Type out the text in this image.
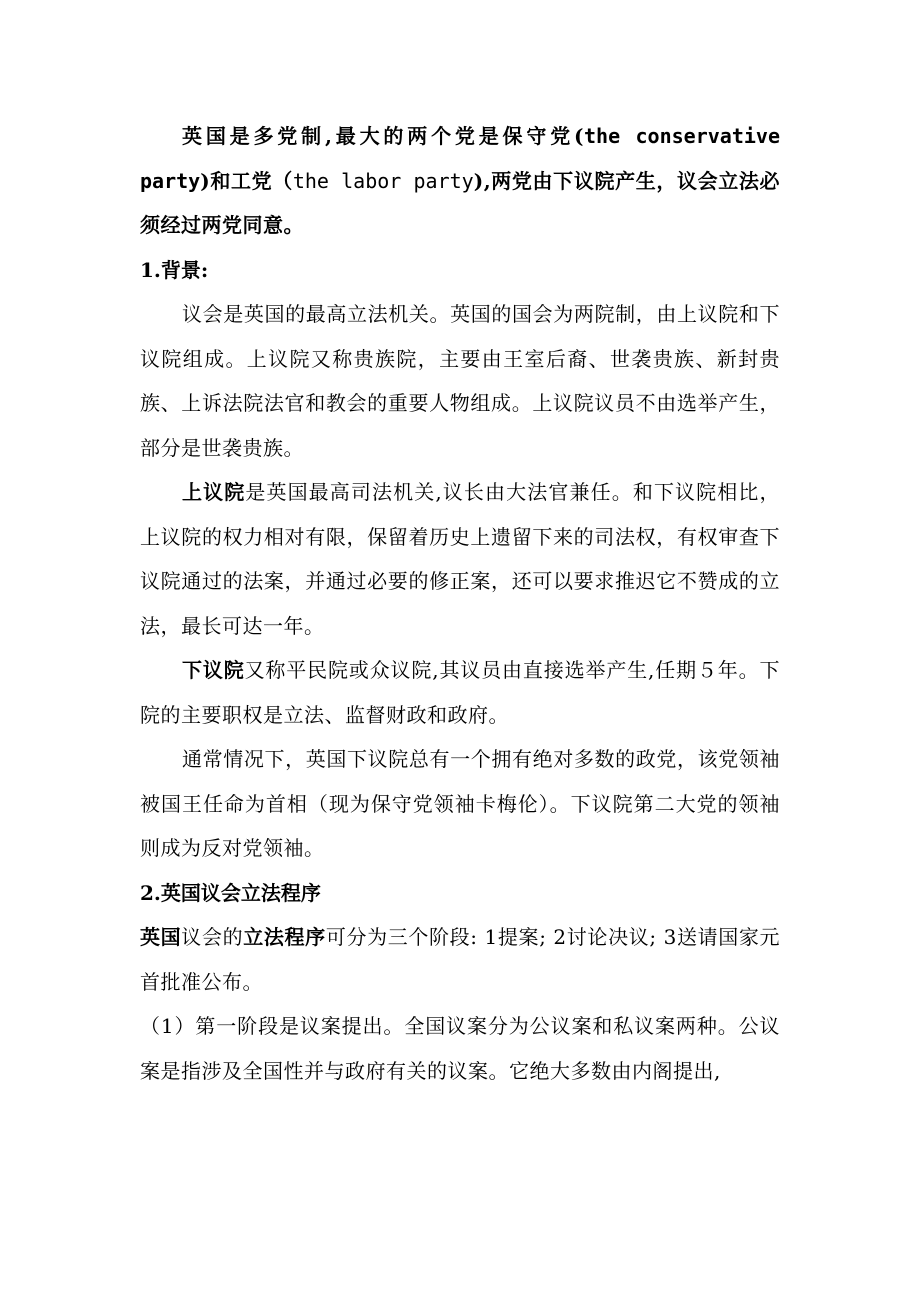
英国是多党制,最大的两个党是保守党(the conservative party)和工党（the labor party),两党由下议院产生，议会立法必须经过两党同意。

1.背景:

议会是英国的最高立法机关。英国的国会为两院制，由上议院和下议院组成。上议院又称贵族院，主要由王室后裔、世袭贵族、新封贵族、上诉法院法官和教会的重要人物组成。上议院议员不由选举产生，部分是世袭贵族。

上议院是英国最高司法机关,议长由大法官兼任。和下议院相比，上议院的权力相对有限，保留着历史上遗留下来的司法权，有权审查下议院通过的法案，并通过必要的修正案，还可以要求推迟它不赞成的立法，最长可达一年。

下议院又称平民院或众议院,其议员由直接选举产生,任期５年。下院的主要职权是立法、监督财政和政府。

通常情况下，英国下议院总有一个拥有绝对多数的政党，该党领袖被国王任命为首相（现为保守党领袖卡梅伦）。下议院第二大党的领袖则成为反对党领袖。

2.英国议会立法程序

英国议会的立法程序可分为三个阶段: 1提案; 2讨论决议; 3送请国家元首批准公布。

（1）第一阶段是议案提出。全国议案分为公议案和私议案两种。公议案是指涉及全国性并与政府有关的议案。它绝大多数由内阁提出,
